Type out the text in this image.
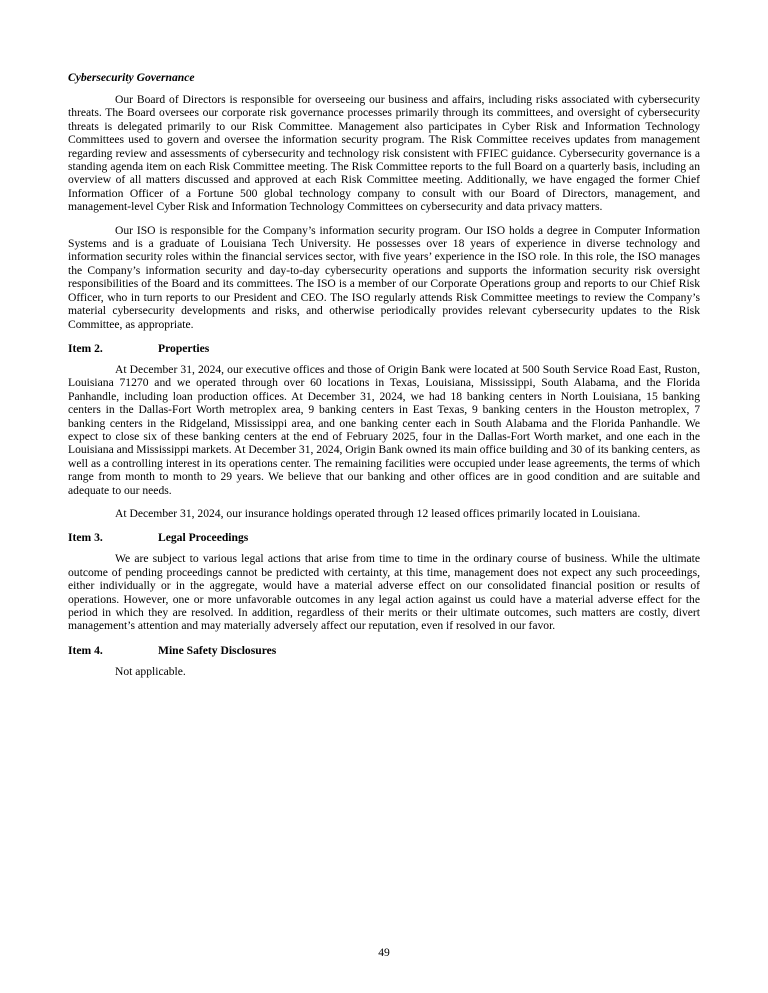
Cybersecurity Governance

Our Board of Directors is responsible for overseeing our business and affairs, including risks associated with cybersecurity threats. The Board oversees our corporate risk governance processes primarily through its committees, and oversight of cybersecurity threats is delegated primarily to our Risk Committee. Management also participates in Cyber Risk and Information Technology Committees used to govern and oversee the information security program. The Risk Committee receives updates from management regarding review and assessments of cybersecurity and technology risk consistent with FFIEC guidance. Cybersecurity governance is a standing agenda item on each Risk Committee meeting. The Risk Committee reports to the full Board on a quarterly basis, including an overview of all matters discussed and approved at each Risk Committee meeting. Additionally, we have engaged the former Chief Information Officer of a Fortune 500 global technology company to consult with our Board of Directors, management, and management-level Cyber Risk and Information Technology Committees on cybersecurity and data privacy matters.

Our ISO is responsible for the Company’s information security program. Our ISO holds a degree in Computer Information Systems and is a graduate of Louisiana Tech University. He possesses over 18 years of experience in diverse technology and information security roles within the financial services sector, with five years’ experience in the ISO role. In this role, the ISO manages the Company’s information security and day-to-day cybersecurity operations and supports the information security risk oversight responsibilities of the Board and its committees. The ISO is a member of our Corporate Operations group and reports to our Chief Risk Officer, who in turn reports to our President and CEO. The ISO regularly attends Risk Committee meetings to review the Company’s material cybersecurity developments and risks, and otherwise periodically provides relevant cybersecurity updates to the Risk Committee, as appropriate.

Item 2.	Properties

At December 31, 2024, our executive offices and those of Origin Bank were located at 500 South Service Road East, Ruston, Louisiana 71270 and we operated through over 60 locations in Texas, Louisiana, Mississippi, South Alabama, and the Florida Panhandle, including loan production offices. At December 31, 2024, we had 18 banking centers in North Louisiana, 15 banking centers in the Dallas-Fort Worth metroplex area, 9 banking centers in East Texas, 9 banking centers in the Houston metroplex, 7 banking centers in the Ridgeland, Mississippi area, and one banking center each in South Alabama and the Florida Panhandle. We expect to close six of these banking centers at the end of February 2025, four in the Dallas-Fort Worth market, and one each in the Louisiana and Mississippi markets. At December 31, 2024, Origin Bank owned its main office building and 30 of its banking centers, as well as a controlling interest in its operations center. The remaining facilities were occupied under lease agreements, the terms of which range from month to month to 29 years. We believe that our banking and other offices are in good condition and are suitable and adequate to our needs.

At December 31, 2024, our insurance holdings operated through 12 leased offices primarily located in Louisiana.

Item 3.	Legal Proceedings

We are subject to various legal actions that arise from time to time in the ordinary course of business. While the ultimate outcome of pending proceedings cannot be predicted with certainty, at this time, management does not expect any such proceedings, either individually or in the aggregate, would have a material adverse effect on our consolidated financial position or results of operations. However, one or more unfavorable outcomes in any legal action against us could have a material adverse effect for the period in which they are resolved. In addition, regardless of their merits or their ultimate outcomes, such matters are costly, divert management’s attention and may materially adversely affect our reputation, even if resolved in our favor.

Item 4.	Mine Safety Disclosures

Not applicable.

49
